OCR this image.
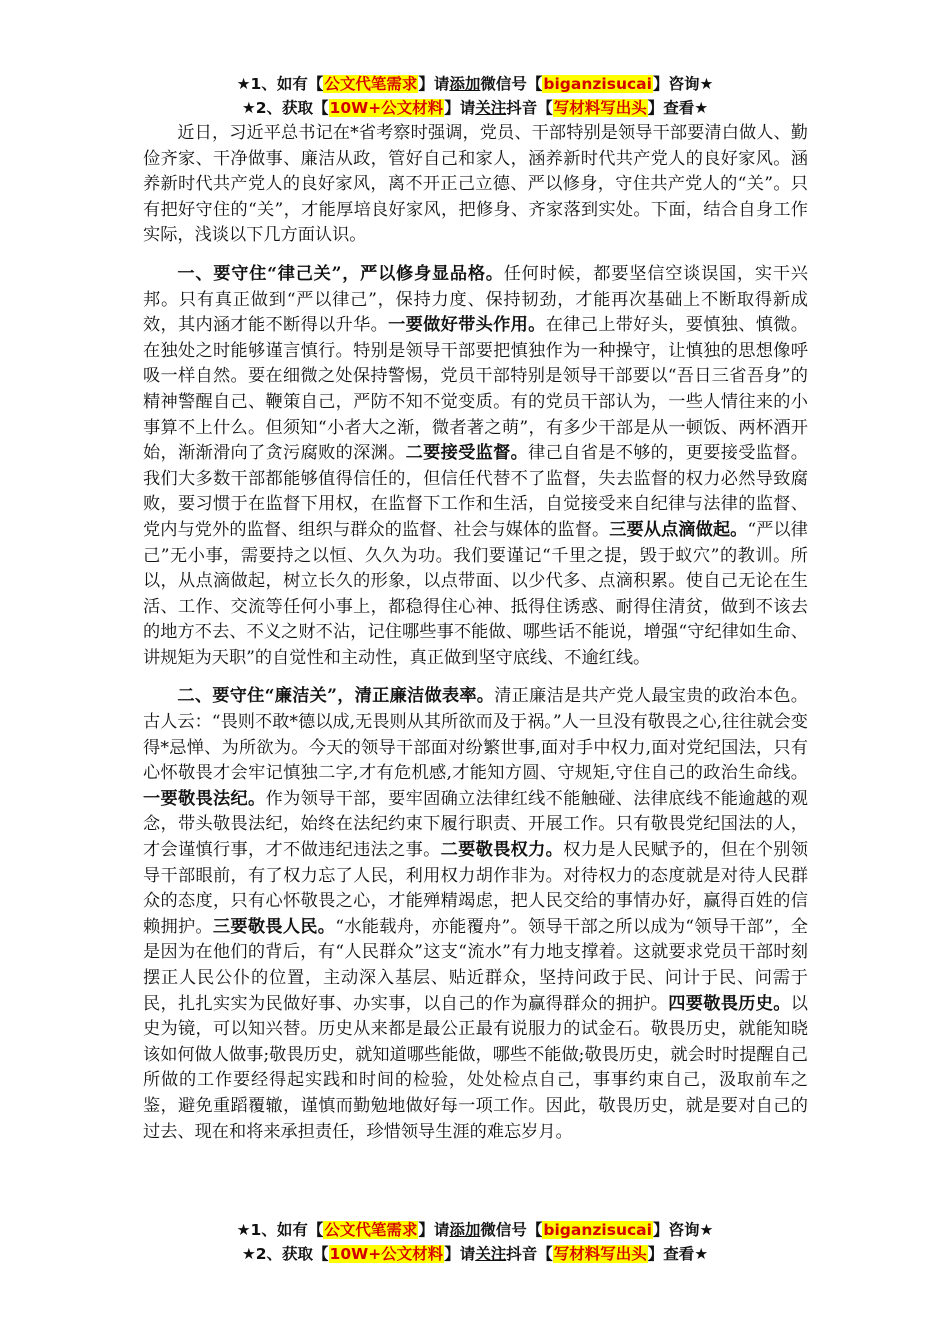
★1、如有【公文代笔需求】请添加微信号【biganzisucai】咨询★
★2、获取【10W+公文材料】请关注抖音【写材料写出头】查看★

近日，习近平总书记在*省考察时强调，党员、干部特别是领导干部要清白做人、勤俭齐家、干净做事、廉洁从政，管好自己和家人，涵养新时代共产党人的良好家风。涵养新时代共产党人的良好家风，离不开正己立德、严以修身，守住共产党人的“关”。只有把好守住的“关”，才能厚培良好家风，把修身、齐家落到实处。下面，结合自身工作实际，浅谈以下几方面认识。

一、要守住“律己关”，严以修身显品格。任何时候，都要坚信空谈误国，实干兴邦。只有真正做到“严以律己”，保持力度、保持韧劲，才能再次基础上不断取得新成效，其内涵才能不断得以升华。一要做好带头作用。在律己上带好头，要慎独、慎微。在独处之时能够谨言慎行。特别是领导干部要把慎独作为一种操守，让慎独的思想像呼吸一样自然。要在细微之处保持警惕，党员干部特别是领导干部要以“吾日三省吾身”的精神警醒自己、鞭策自己，严防不知不觉变质。有的党员干部认为，一些人情往来的小事算不上什么。但须知“小者大之渐，微者著之萌”，有多少干部是从一顿饭、两杯酒开始，渐渐滑向了贪污腐败的深渊。二要接受监督。律己自省是不够的，更要接受监督。我们大多数干部都能够值得信任的，但信任代替不了监督，失去监督的权力必然导致腐败，要习惯于在监督下用权，在监督下工作和生活，自觉接受来自纪律与法律的监督、党内与党外的监督、组织与群众的监督、社会与媒体的监督。三要从点滴做起。“严以律己”无小事，需要持之以恒、久久为功。我们要谨记“千里之提，毁于蚁穴”的教训。所以，从点滴做起，树立长久的形象，以点带面、以少代多、点滴积累。使自己无论在生活、工作、交流等任何小事上，都稳得住心神、抵得住诱惑、耐得住清贫，做到不该去的地方不去、不义之财不沾，记住哪些事不能做、哪些话不能说，增强“守纪律如生命、讲规矩为天职”的自觉性和主动性，真正做到坚守底线、不逾红线。

二、要守住“廉洁关”，清正廉洁做表率。清正廉洁是共产党人最宝贵的政治本色。古人云：“畏则不敢*德以成,无畏则从其所欲而及于祸。”人一旦没有敬畏之心,往往就会变得*忌惮、为所欲为。今天的领导干部面对纷繁世事,面对手中权力,面对党纪国法，只有心怀敬畏才会牢记慎独二字,才有危机感,才能知方圆、守规矩,守住自己的政治生命线。一要敬畏法纪。作为领导干部，要牢固确立法律红线不能触碰、法律底线不能逾越的观念，带头敬畏法纪，始终在法纪约束下履行职责、开展工作。只有敬畏党纪国法的人，才会谨慎行事，才不做违纪违法之事。二要敬畏权力。权力是人民赋予的，但在个别领导干部眼前，有了权力忘了人民，利用权力胡作非为。对待权力的态度就是对待人民群众的态度，只有心怀敬畏之心，才能殚精竭虑，把人民交给的事情办好，赢得百姓的信赖拥护。三要敬畏人民。“水能载舟，亦能覆舟”。领导干部之所以成为“领导干部”，全是因为在他们的背后，有“人民群众”这支“流水”有力地支撑着。这就要求党员干部时刻摆正人民公仆的位置，主动深入基层、贴近群众，坚持问政于民、问计于民、问需于民，扎扎实实为民做好事、办实事，以自己的作为赢得群众的拥护。四要敬畏历史。以史为镜，可以知兴替。历史从来都是最公正最有说服力的试金石。敬畏历史，就能知晓该如何做人做事;敬畏历史，就知道哪些能做，哪些不能做;敬畏历史，就会时时提醒自己所做的工作要经得起实践和时间的检验，处处检点自己，事事约束自己，汲取前车之鉴，避免重蹈覆辙，谨慎而勤勉地做好每一项工作。因此，敬畏历史，就是要对自己的过去、现在和将来承担责任，珍惜领导生涯的难忘岁月。

★1、如有【公文代笔需求】请添加微信号【biganzisucai】咨询★
★2、获取【10W+公文材料】请关注抖音【写材料写出头】查看★
